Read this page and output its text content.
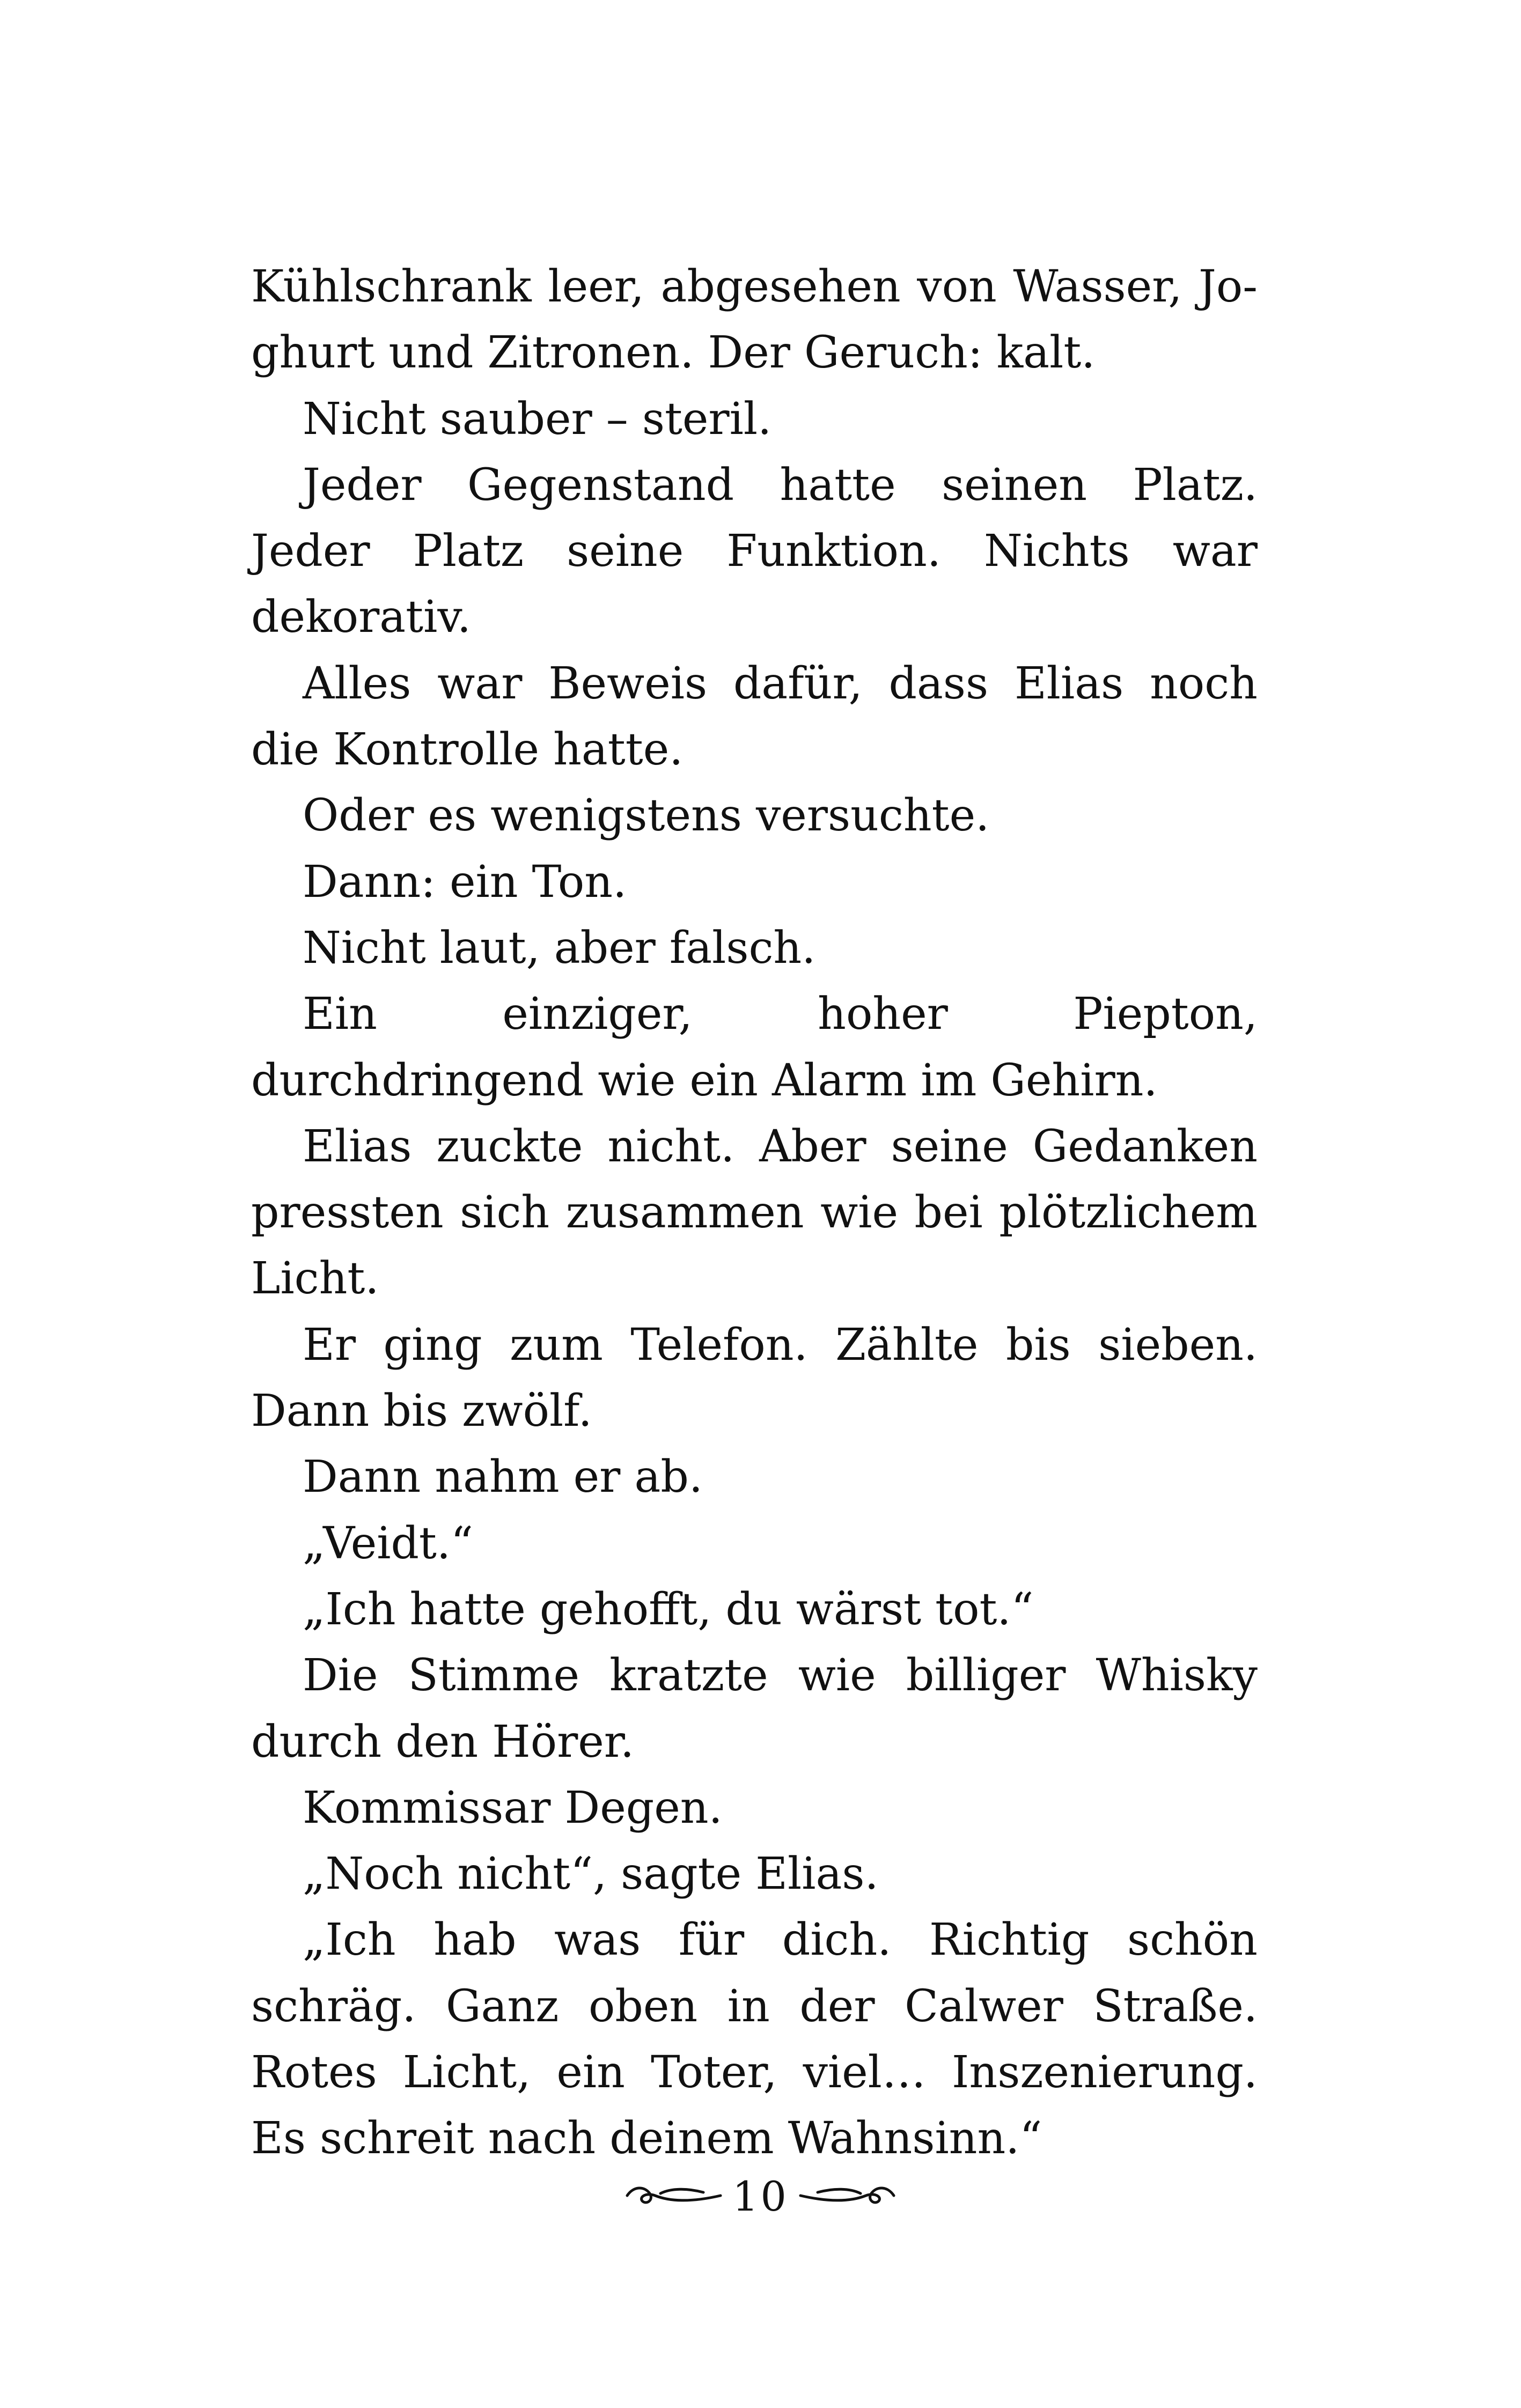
Kühlschrank leer, abgesehen von Wasser, Joghurt und Zitronen. Der Geruch: kalt.

Nicht sauber – steril.

Jeder Gegenstand hatte seinen Platz. Jeder Platz seine Funktion. Nichts war dekorativ.

Alles war Beweis dafür, dass Elias noch die Kontrolle hatte.

Oder es wenigstens versuchte.

Dann: ein Ton.

Nicht laut, aber falsch.

Ein einziger, hoher Piepton, durchdringend wie ein Alarm im Gehirn.

Elias zuckte nicht. Aber seine Gedanken pressten sich zusammen wie bei plötzlichem Licht.

Er ging zum Telefon. Zählte bis sieben. Dann bis zwölf.

Dann nahm er ab.

„Veidt.“

„Ich hatte gehofft, du wärst tot.“

Die Stimme kratzte wie billiger Whisky durch den Hörer.

Kommissar Degen.

„Noch nicht“, sagte Elias.

„Ich hab was für dich. Richtig schön schräg. Ganz oben in der Calwer Straße. Rotes Licht, ein Toter, viel… Inszenierung. Es schreit nach deinem Wahnsinn.“

10
